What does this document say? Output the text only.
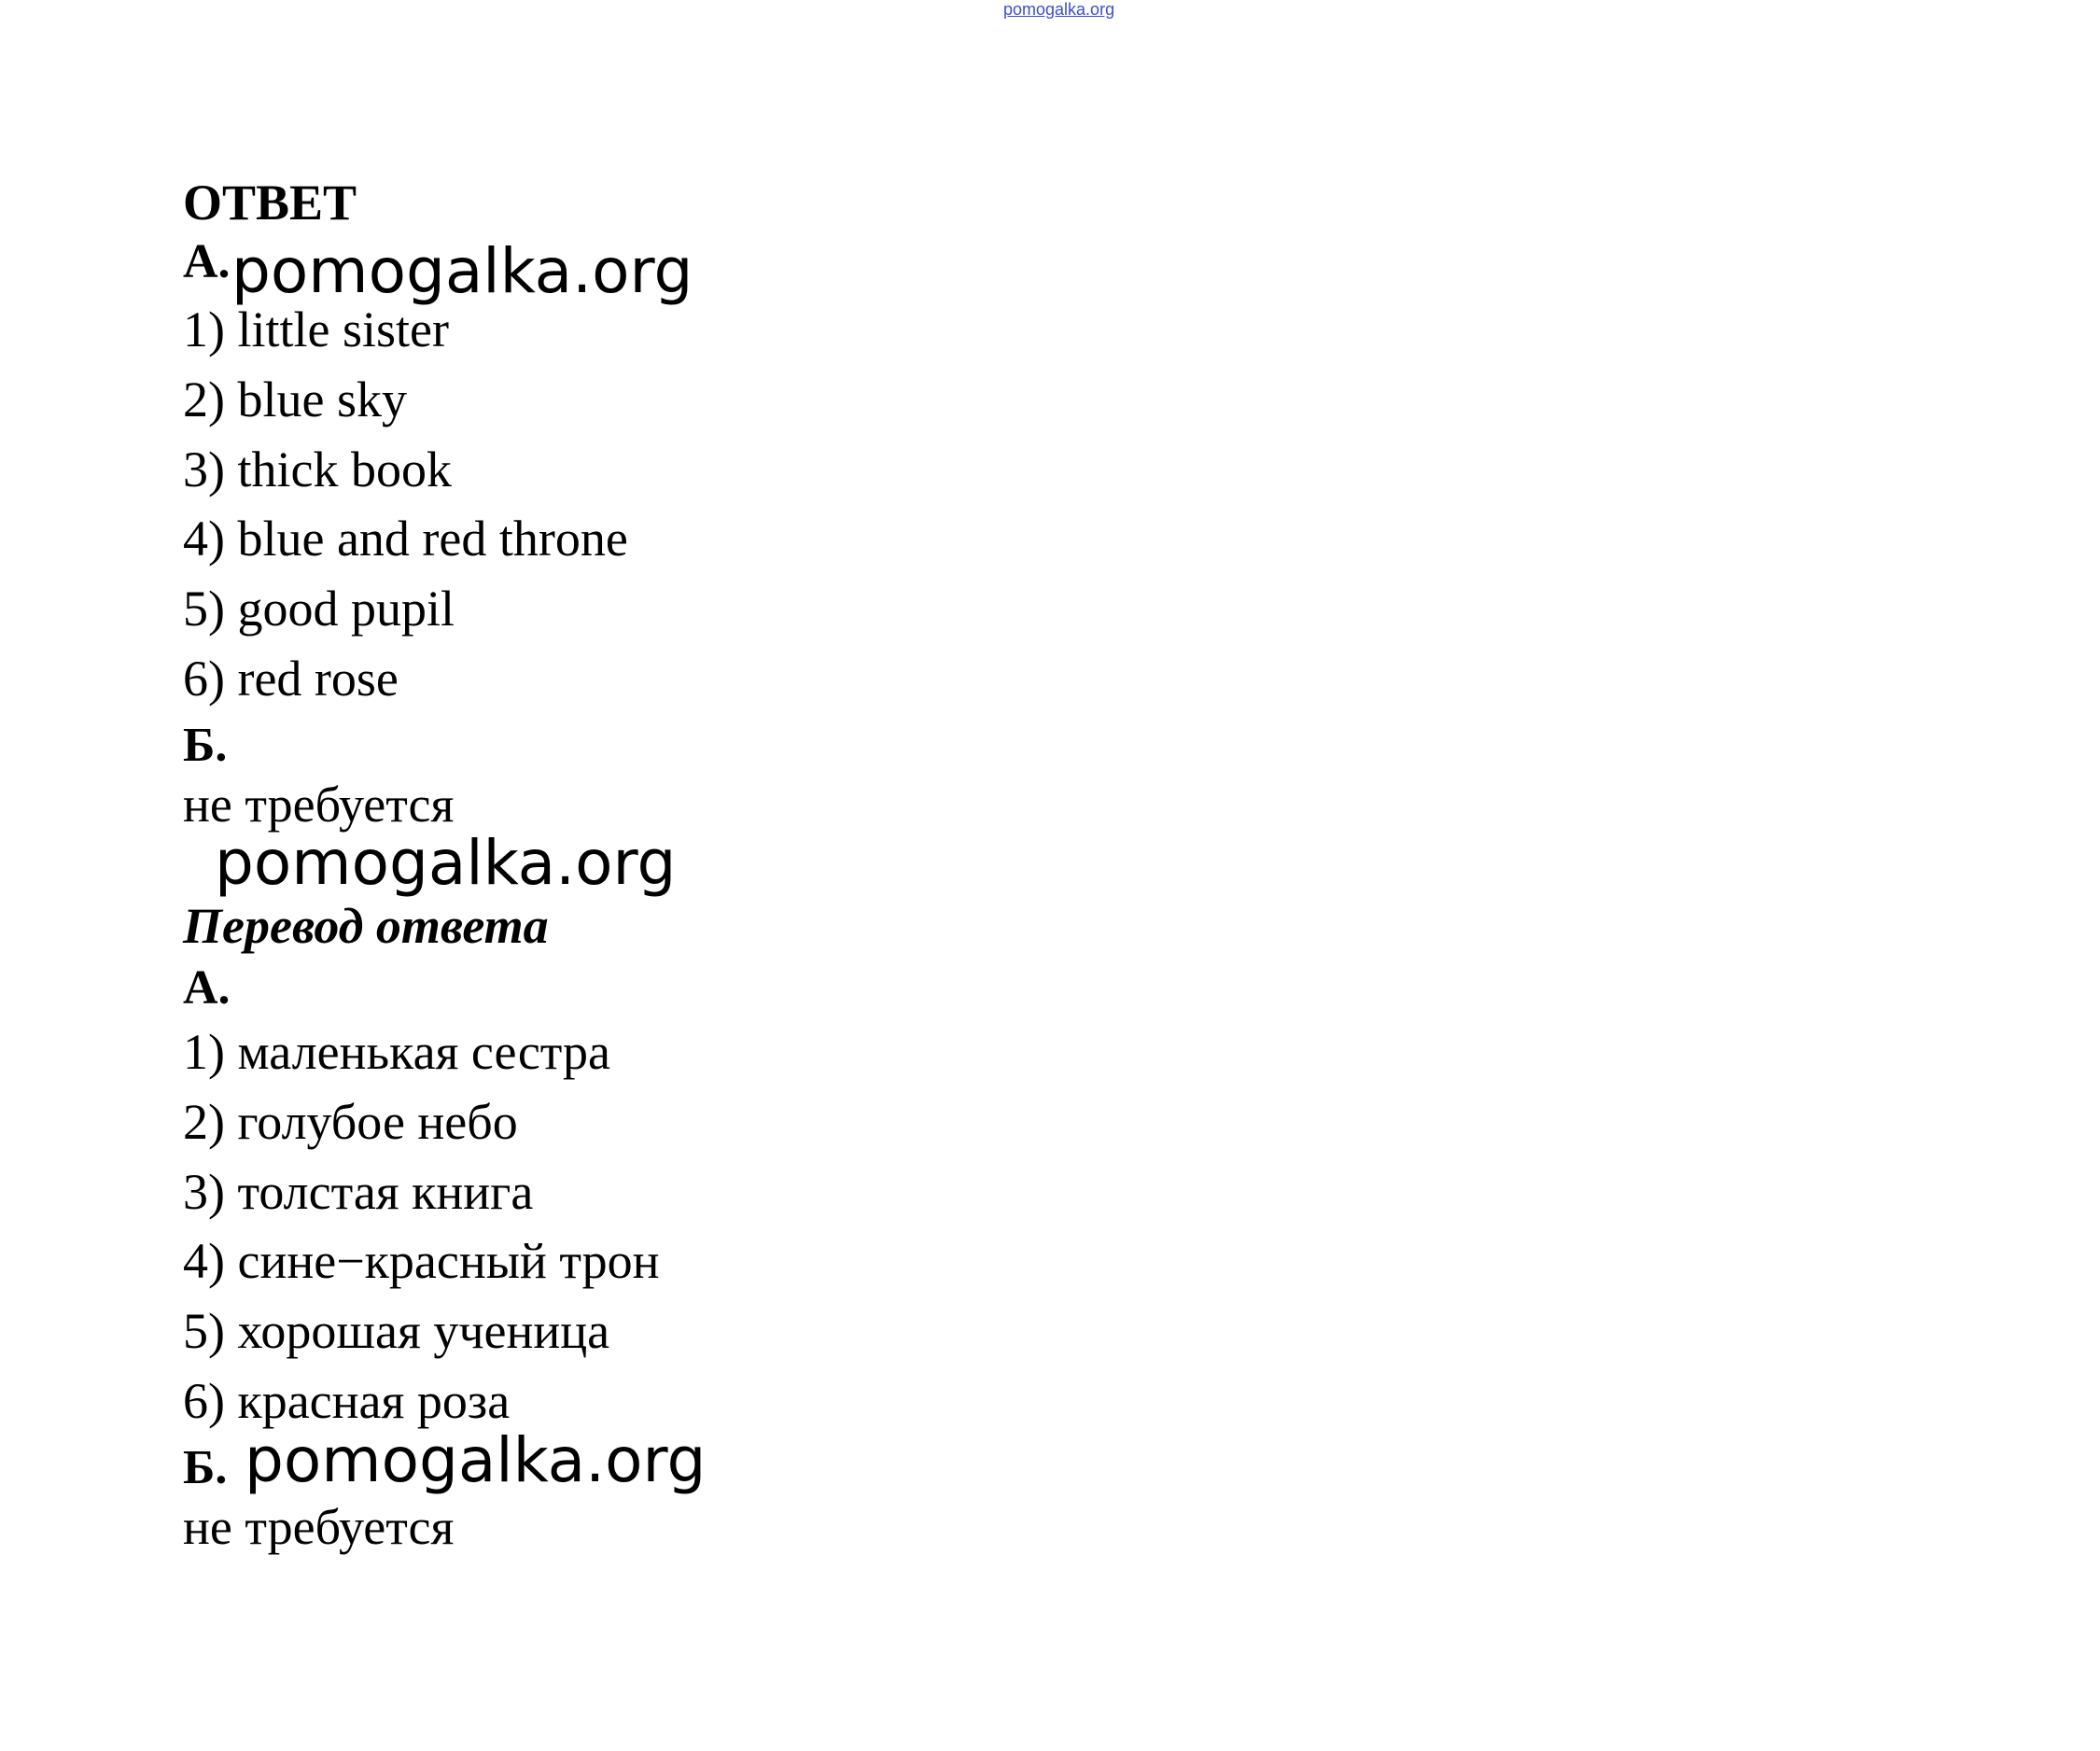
pomogalka.org
ОТВЕТ
А. pomogalka.org
1) little sister
2) blue sky
3) thick book
4) blue and red throne
5) good pupil
6) red rose
Б.
не требуется
pomogalka.org
Перевод ответа
А.
1) маленькая сестра
2) голубое небо
3) толстая книга
4) сине−красный трон
5) хорошая ученица
6) красная роза
Б. pomogalka.org
не требуется
